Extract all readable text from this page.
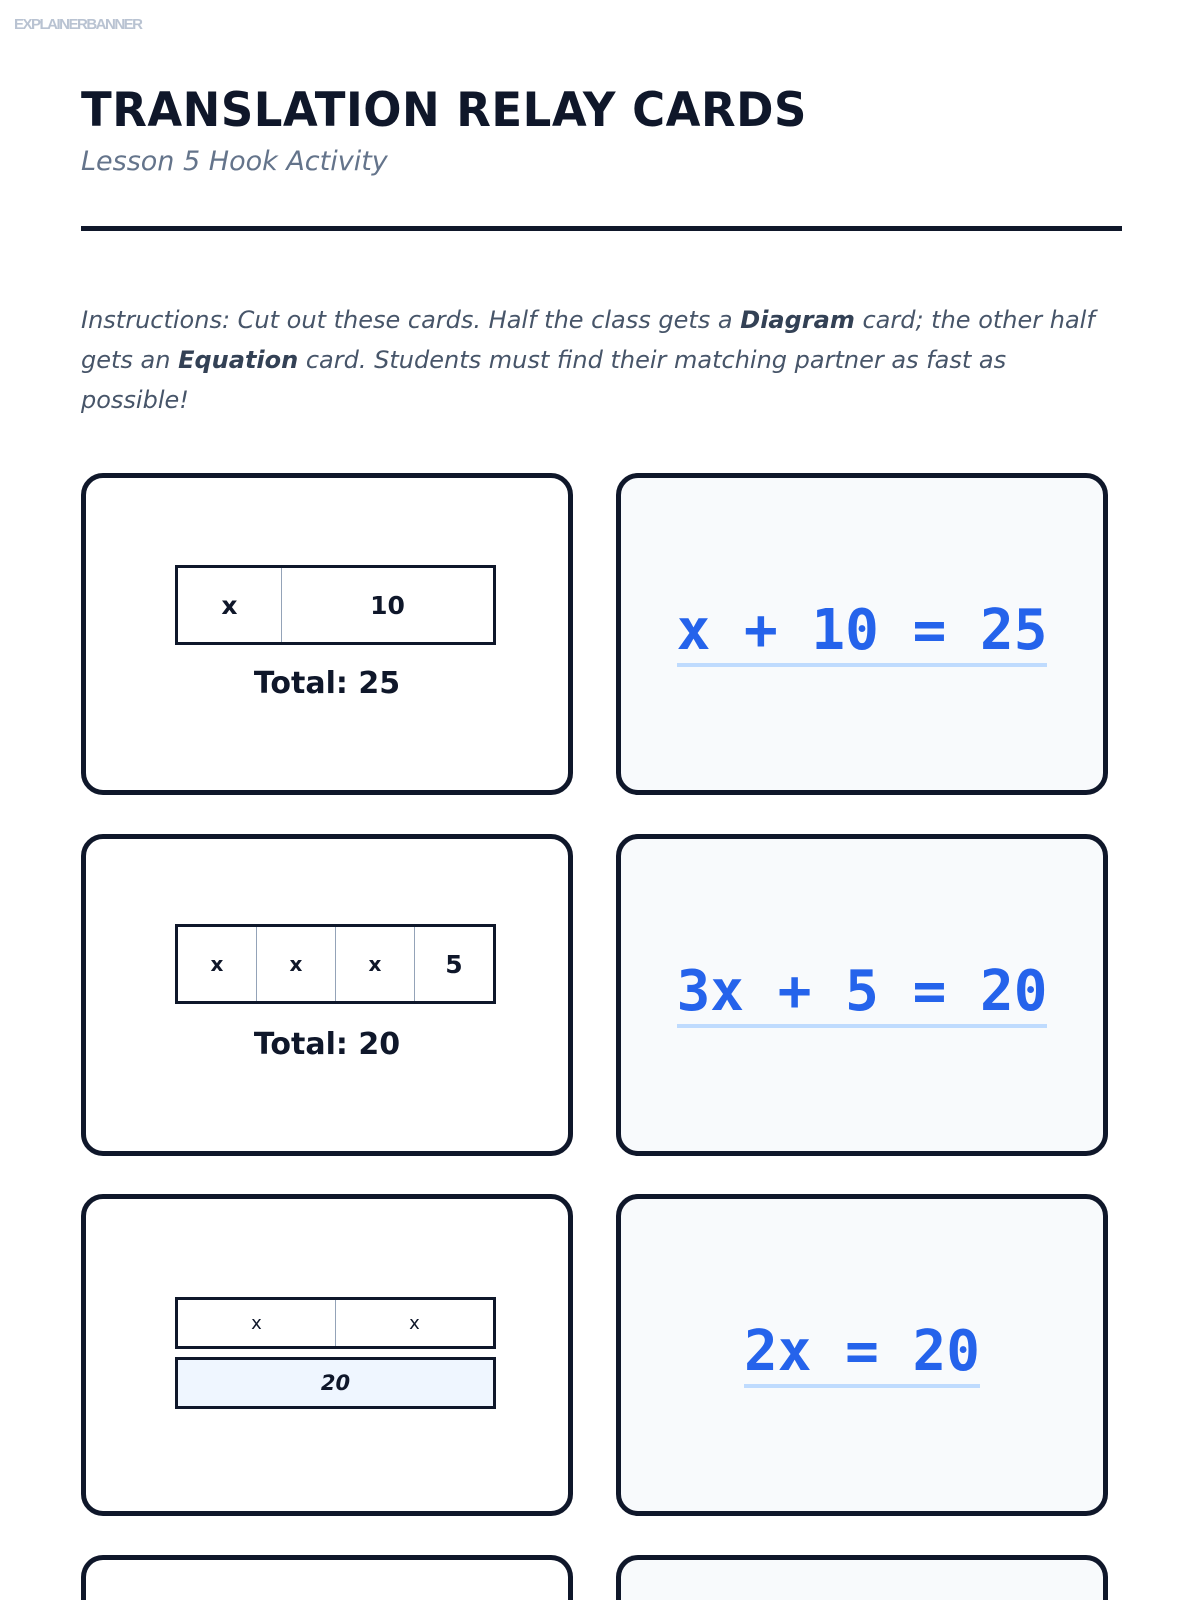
EXPLAINERBANNER
TRANSLATION RELAY CARDS
Lesson 5 Hook Activity
Instructions: Cut out these cards. Half the class gets a Diagram card; the other half gets an Equation card. Students must find their matching partner as fast as possible!
x	10
Total: 25
x + 10 = 25
x	x	x	5
Total: 20
3x + 5 = 20
x	x
20	2x = 20
